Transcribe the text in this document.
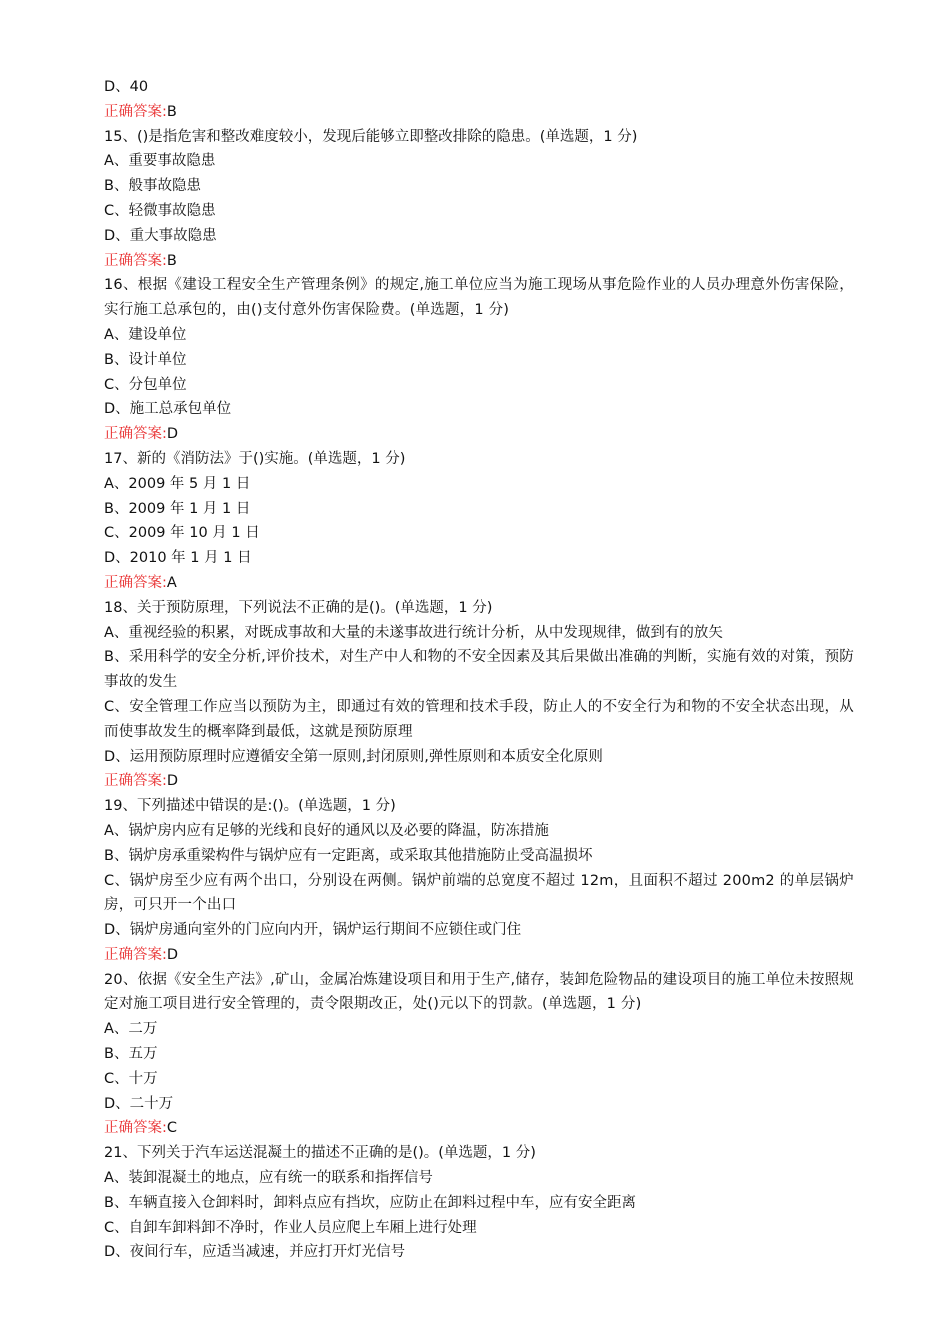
D、40
正确答案:B
15、()是指危害和整改难度较小，发现后能够立即整改排除的隐患。(单选题，1 分)
A、重要事故隐患
B、般事故隐患
C、轻微事故隐患
D、重大事故隐患
正确答案:B
16、根据《建设工程安全生产管理条例》的规定,施工单位应当为施工现场从事危险作业的人员办理意外伤害保险，实行施工总承包的，由()支付意外伤害保险费。(单选题，1 分)
A、建设单位
B、设计单位
C、分包单位
D、施工总承包单位
正确答案:D
17、新的《消防法》于()实施。(单选题，1 分)
A、2009 年 5 月 1 日
B、2009 年 1 月 1 日
C、2009 年 10 月 1 日
D、2010 年 1 月 1 日
正确答案:A
18、关于预防原理，下列说法不正确的是()。(单选题，1 分)
A、重视经验的积累，对既成事故和大量的未遂事故进行统计分析，从中发现规律，做到有的放矢
B、采用科学的安全分析,评价技术，对生产中人和物的不安全因素及其后果做出准确的判断，实施有效的对策，预防事故的发生
C、安全管理工作应当以预防为主，即通过有效的管理和技术手段，防止人的不安全行为和物的不安全状态出现，从而使事故发生的概率降到最低，这就是预防原理
D、运用预防原理时应遵循安全第一原则,封闭原则,弹性原则和本质安全化原则
正确答案:D
19、下列描述中错误的是:()。(单选题，1 分)
A、锅炉房内应有足够的光线和良好的通风以及必要的降温，防冻措施
B、锅炉房承重梁构件与锅炉应有一定距离，或采取其他措施防止受高温损坏
C、锅炉房至少应有两个出口，分别设在两侧。锅炉前端的总宽度不超过 12m，且面积不超过 200m2 的单层锅炉房，可只开一个出口
D、锅炉房通向室外的门应向内开，锅炉运行期间不应锁住或门住
正确答案:D
20、依据《安全生产法》,矿山，金属冶炼建设项目和用于生产,储存，装卸危险物品的建设项目的施工单位未按照规定对施工项目进行安全管理的，责令限期改正，处()元以下的罚款。(单选题，1 分)
A、二万
B、五万
C、十万
D、二十万
正确答案:C
21、下列关于汽车运送混凝土的描述不正确的是()。(单选题，1 分)
A、装卸混凝土的地点，应有统一的联系和指挥信号
B、车辆直接入仓卸料时，卸料点应有挡坎，应防止在卸料过程中车，应有安全距离
C、自卸车卸料卸不净时，作业人员应爬上车厢上进行处理
D、夜间行车，应适当减速，并应打开灯光信号
